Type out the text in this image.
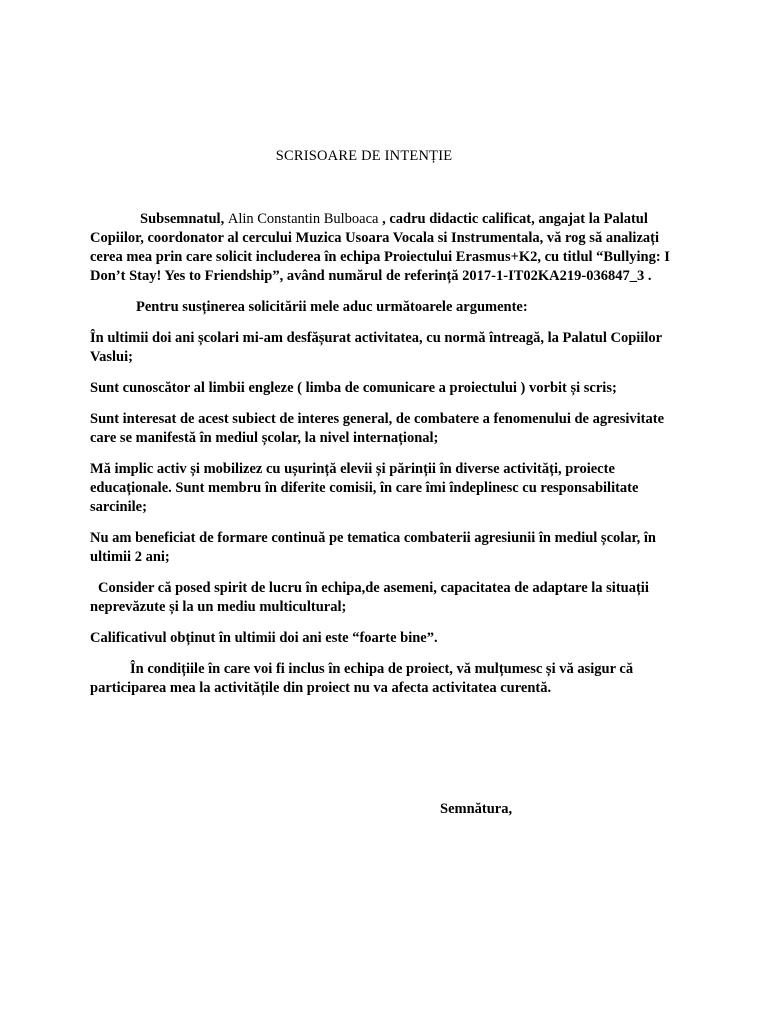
SCRISOARE DE INTENȚIE

Subsemnatul, Alin Constantin Bulboaca , cadru didactic calificat, angajat la Palatul Copiilor, coordonator al cercului Muzica Usoara Vocala si Instrumentala, vă rog să analizați cerea mea prin care solicit includerea în echipa Proiectului Erasmus+K2, cu titlul “Bullying: I Don’t Stay! Yes to Friendship”, având numărul de referință 2017-1-IT02KA219-036847_3 .

Pentru susținerea solicitării mele aduc următoarele argumente:

În ultimii doi ani școlari mi-am desfășurat activitatea, cu normă întreagă, la Palatul Copiilor Vaslui;

Sunt cunoscător al limbii engleze ( limba de comunicare a proiectului ) vorbit și scris;

Sunt interesat de acest subiect de interes general, de combatere a fenomenului de agresivitate care se manifestă în mediul școlar, la nivel internațional;

Mă implic activ și mobilizez cu ușurință elevii și părinții în diverse activități, proiecte educaționale. Sunt membru în diferite comisii, în care îmi îndeplinesc cu responsabilitate sarcinile;

Nu am beneficiat de formare continuă pe tematica combaterii agresiunii în mediul școlar, în ultimii 2 ani;

Consider că posed spirit de lucru în echipa,de asemeni, capacitatea de adaptare la situații neprevăzute și la un mediu multicultural;

Calificativul obținut în ultimii doi ani este “foarte bine”.

În condițiile în care voi fi inclus în echipa de proiect, vă mulțumesc și vă asigur că participarea mea la activitățile din proiect nu va afecta activitatea curentă.

Semnătura,
